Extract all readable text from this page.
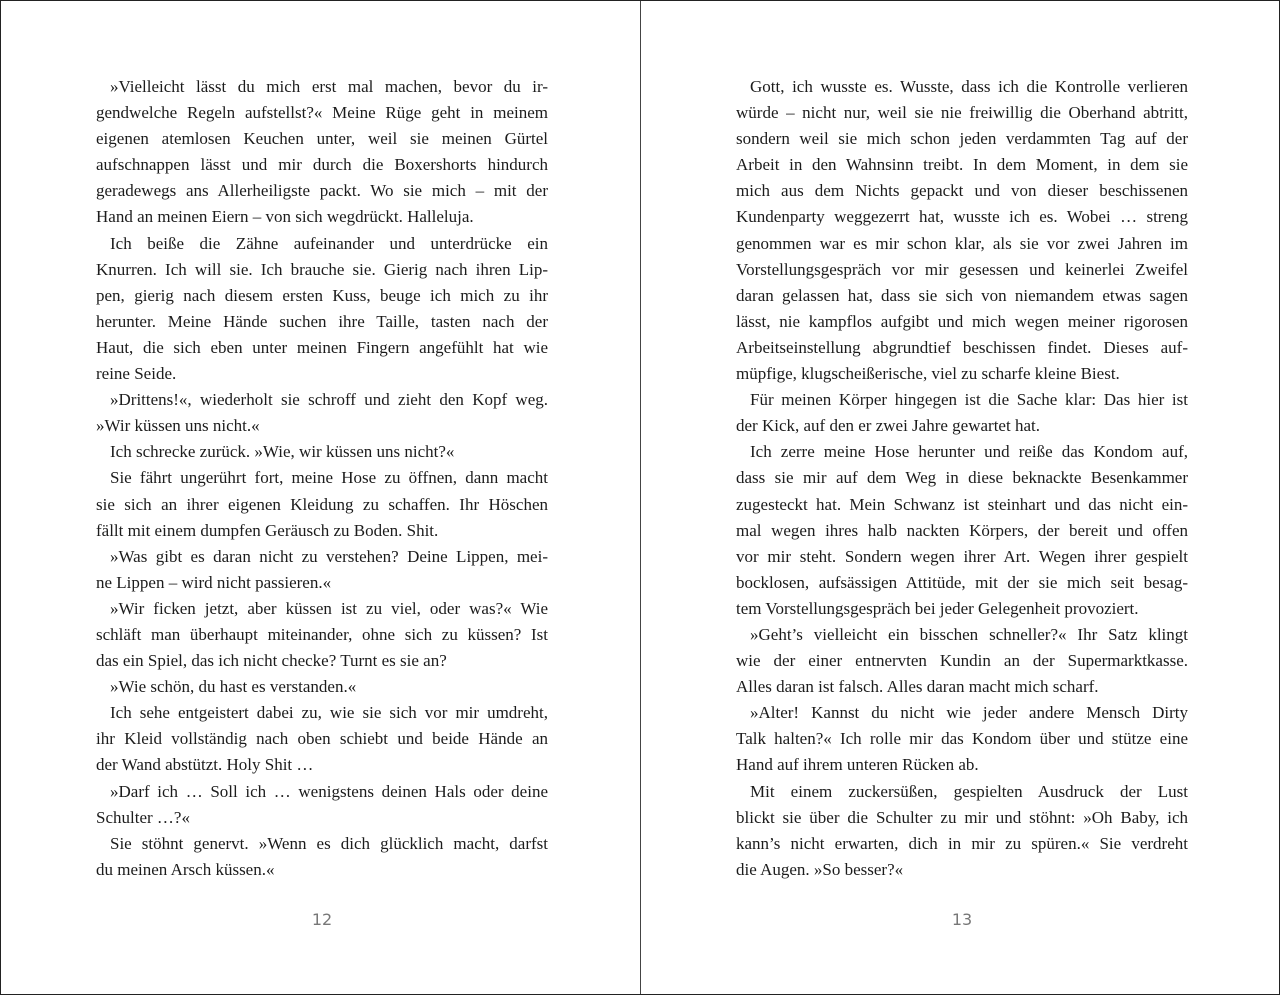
»Vielleicht lässt du mich erst mal machen, bevor du ir-
gendwelche Regeln aufstellst?« Meine Rüge geht in meinem
eigenen atemlosen Keuchen unter, weil sie meinen Gürtel
aufschnappen lässt und mir durch die Boxershorts hindurch
geradewegs ans Allerheiligste packt. Wo sie mich – mit der
Hand an meinen Eiern – von sich wegdrückt. Halleluja.
Ich beiße die Zähne aufeinander und unterdrücke ein
Knurren. Ich will sie. Ich brauche sie. Gierig nach ihren Lip-
pen, gierig nach diesem ersten Kuss, beuge ich mich zu ihr
herunter. Meine Hände suchen ihre Taille, tasten nach der
Haut, die sich eben unter meinen Fingern angefühlt hat wie
reine Seide.
»Drittens!«, wiederholt sie schroff und zieht den Kopf weg.
»Wir küssen uns nicht.«
Ich schrecke zurück. »Wie, wir küssen uns nicht?«
Sie fährt ungerührt fort, meine Hose zu öffnen, dann macht
sie sich an ihrer eigenen Kleidung zu schaffen. Ihr Höschen
fällt mit einem dumpfen Geräusch zu Boden. Shit.
»Was gibt es daran nicht zu verstehen? Deine Lippen, mei-
ne Lippen – wird nicht passieren.«
»Wir ficken jetzt, aber küssen ist zu viel, oder was?« Wie
schläft man überhaupt miteinander, ohne sich zu küssen? Ist
das ein Spiel, das ich nicht checke? Turnt es sie an?
»Wie schön, du hast es verstanden.«
Ich sehe entgeistert dabei zu, wie sie sich vor mir umdreht,
ihr Kleid vollständig nach oben schiebt und beide Hände an
der Wand abstützt. Holy Shit …
»Darf ich … Soll ich … wenigstens deinen Hals oder deine
Schulter …?«
Sie stöhnt genervt. »Wenn es dich glücklich macht, darfst
du meinen Arsch küssen.«
12
Gott, ich wusste es. Wusste, dass ich die Kontrolle verlieren
würde – nicht nur, weil sie nie freiwillig die Oberhand abtritt,
sondern weil sie mich schon jeden verdammten Tag auf der
Arbeit in den Wahnsinn treibt. In dem Moment, in dem sie
mich aus dem Nichts gepackt und von dieser beschissenen
Kundenparty weggezerrt hat, wusste ich es. Wobei … streng
genommen war es mir schon klar, als sie vor zwei Jahren im
Vorstellungsgespräch vor mir gesessen und keinerlei Zweifel
daran gelassen hat, dass sie sich von niemandem etwas sagen
lässt, nie kampflos aufgibt und mich wegen meiner rigorosen
Arbeitseinstellung abgrundtief beschissen findet. Dieses auf-
müpfige, klugscheißerische, viel zu scharfe kleine Biest.
Für meinen Körper hingegen ist die Sache klar: Das hier ist
der Kick, auf den er zwei Jahre gewartet hat.
Ich zerre meine Hose herunter und reiße das Kondom auf,
dass sie mir auf dem Weg in diese beknackte Besenkammer
zugesteckt hat. Mein Schwanz ist steinhart und das nicht ein-
mal wegen ihres halb nackten Körpers, der bereit und offen
vor mir steht. Sondern wegen ihrer Art. Wegen ihrer gespielt
bocklosen, aufsässigen Attitüde, mit der sie mich seit besag-
tem Vorstellungsgespräch bei jeder Gelegenheit provoziert.
»Geht’s vielleicht ein bisschen schneller?« Ihr Satz klingt
wie der einer entnervten Kundin an der Supermarktkasse.
Alles daran ist falsch. Alles daran macht mich scharf.
»Alter! Kannst du nicht wie jeder andere Mensch Dirty
Talk halten?« Ich rolle mir das Kondom über und stütze eine
Hand auf ihrem unteren Rücken ab.
Mit einem zuckersüßen, gespielten Ausdruck der Lust
blickt sie über die Schulter zu mir und stöhnt: »Oh Baby, ich
kann’s nicht erwarten, dich in mir zu spüren.« Sie verdreht
die Augen. »So besser?«
13
